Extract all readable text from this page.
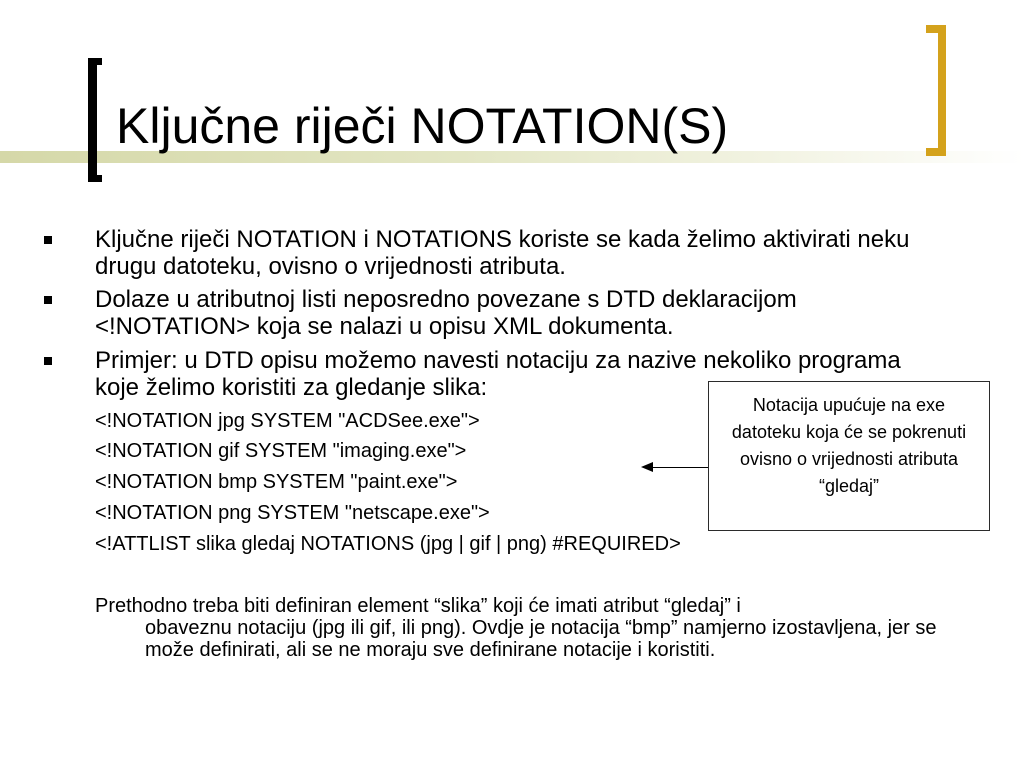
Ključne riječi NOTATION(S)
Ključne riječi NOTATION i NOTATIONS koriste se kada želimo aktivirati neku drugu datoteku, ovisno o vrijednosti atributa.
Dolaze u atributnoj listi neposredno povezane s DTD deklaracijom <!NOTATION> koja se nalazi u opisu XML dokumenta.
Primjer: u DTD opisu možemo navesti notaciju za nazive nekoliko programa koje želimo koristiti za gledanje slika:
<!NOTATION jpg SYSTEM "ACDSee.exe">
<!NOTATION gif SYSTEM "imaging.exe">
<!NOTATION bmp SYSTEM "paint.exe">
<!NOTATION png SYSTEM "netscape.exe">
<!ATTLIST slika gledaj NOTATIONS (jpg | gif | png) #REQUIRED>
Prethodno treba biti definiran element “slika” koji će imati atribut “gledaj” i
obaveznu notaciju (jpg ili gif, ili png). Ovdje je notacija “bmp” namjerno izostavljena, jer se može definirati, ali se ne moraju sve definirane notacije i koristiti.
Notacija upućuje na exe datoteku koja će se pokrenuti ovisno o vrijednosti atributa “gledaj”
